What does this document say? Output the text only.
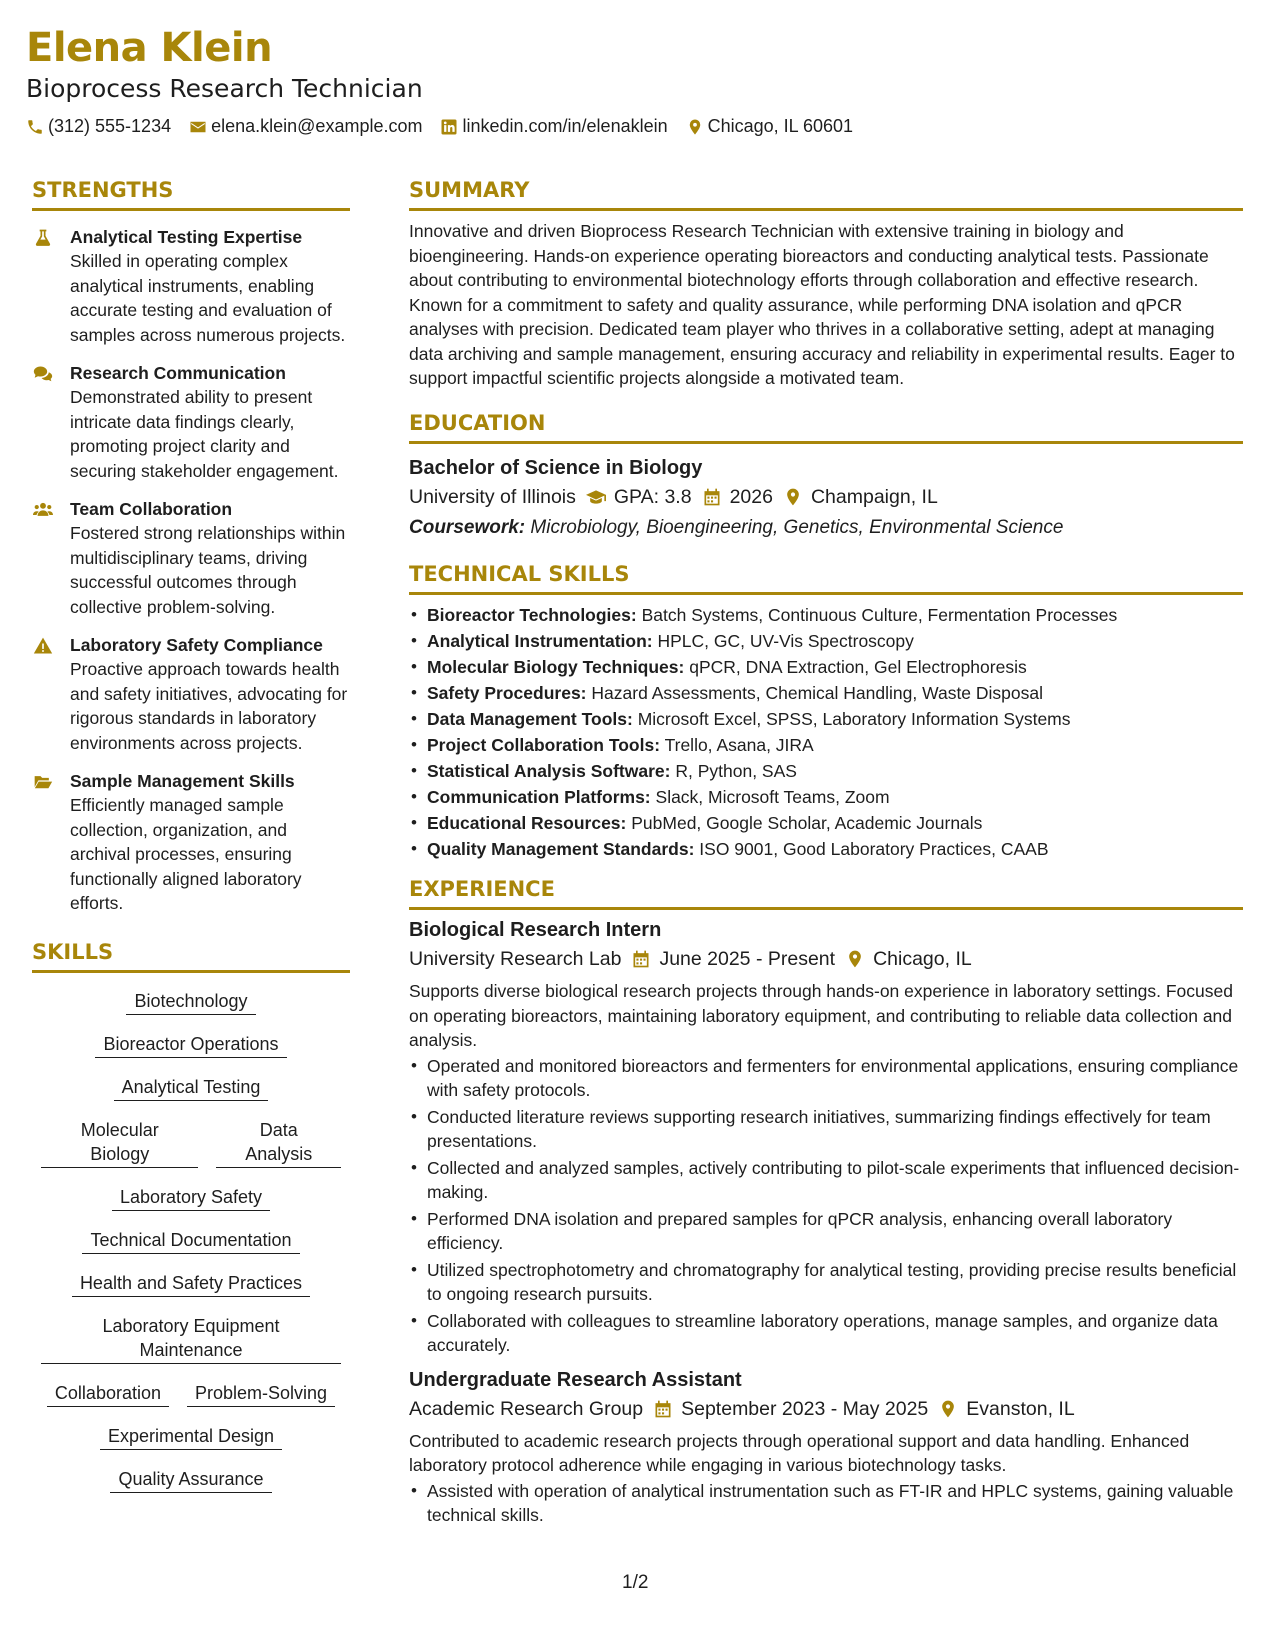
Elena Klein
Bioprocess Research Technician
(312) 555-1234 elena.klein@example.com linkedin.com/in/elenaklein Chicago, IL 60601
STRENGTHS
Analytical Testing Expertise
Skilled in operating complex analytical instruments, enabling accurate testing and evaluation of samples across numerous projects.
Research Communication
Demonstrated ability to present intricate data findings clearly, promoting project clarity and securing stakeholder engagement.
Team Collaboration
Fostered strong relationships within multidisciplinary teams, driving successful outcomes through collective problem-solving.
Laboratory Safety Compliance
Proactive approach towards health and safety initiatives, advocating for rigorous standards in laboratory environments across projects.
Sample Management Skills
Efficiently managed sample collection, organization, and archival processes, ensuring functionally aligned laboratory efforts.
SKILLS
Biotechnology
Bioreactor Operations
Analytical Testing
Molecular Biology
Data Analysis
Laboratory Safety
Technical Documentation
Health and Safety Practices
Laboratory Equipment Maintenance
Collaboration	Problem-Solving
Experimental Design
Quality Assurance
SUMMARY
Innovative and driven Bioprocess Research Technician with extensive training in biology and bioengineering. Hands-on experience operating bioreactors and conducting analytical tests. Passionate about contributing to environmental biotechnology efforts through collaboration and effective research. Known for a commitment to safety and quality assurance, while performing DNA isolation and qPCR analyses with precision. Dedicated team player who thrives in a collaborative setting, adept at managing data archiving and sample management, ensuring accuracy and reliability in experimental results. Eager to support impactful scientific projects alongside a motivated team.
EDUCATION
Bachelor of Science in Biology
University of Illinois GPA: 3.8 2026 Champaign, IL
Coursework: Microbiology, Bioengineering, Genetics, Environmental Science
TECHNICAL SKILLS
• Bioreactor Technologies: Batch Systems, Continuous Culture, Fermentation Processes
• Analytical Instrumentation: HPLC, GC, UV-Vis Spectroscopy
• Molecular Biology Techniques: qPCR, DNA Extraction, Gel Electrophoresis
• Safety Procedures: Hazard Assessments, Chemical Handling, Waste Disposal
• Data Management Tools: Microsoft Excel, SPSS, Laboratory Information Systems
• Project Collaboration Tools: Trello, Asana, JIRA
• Statistical Analysis Software: R, Python, SAS
• Communication Platforms: Slack, Microsoft Teams, Zoom
• Educational Resources: PubMed, Google Scholar, Academic Journals
• Quality Management Standards: ISO 9001, Good Laboratory Practices, CAAB
EXPERIENCE
Biological Research Intern
University Research Lab June 2025 - Present Chicago, IL
Supports diverse biological research projects through hands-on experience in laboratory settings. Focused on operating bioreactors, maintaining laboratory equipment, and contributing to reliable data collection and analysis.
• Operated and monitored bioreactors and fermenters for environmental applications, ensuring compliance with safety protocols.
• Conducted literature reviews supporting research initiatives, summarizing findings effectively for team presentations.
• Collected and analyzed samples, actively contributing to pilot-scale experiments that influenced decision-making.
• Performed DNA isolation and prepared samples for qPCR analysis, enhancing overall laboratory efficiency.
• Utilized spectrophotometry and chromatography for analytical testing, providing precise results beneficial to ongoing research pursuits.
• Collaborated with colleagues to streamline laboratory operations, manage samples, and organize data accurately.
Undergraduate Research Assistant
Academic Research Group September 2023 - May 2025 Evanston, IL
Contributed to academic research projects through operational support and data handling. Enhanced laboratory protocol adherence while engaging in various biotechnology tasks.
• Assisted with operation of analytical instrumentation such as FT-IR and HPLC systems, gaining valuable technical skills.
1/2
